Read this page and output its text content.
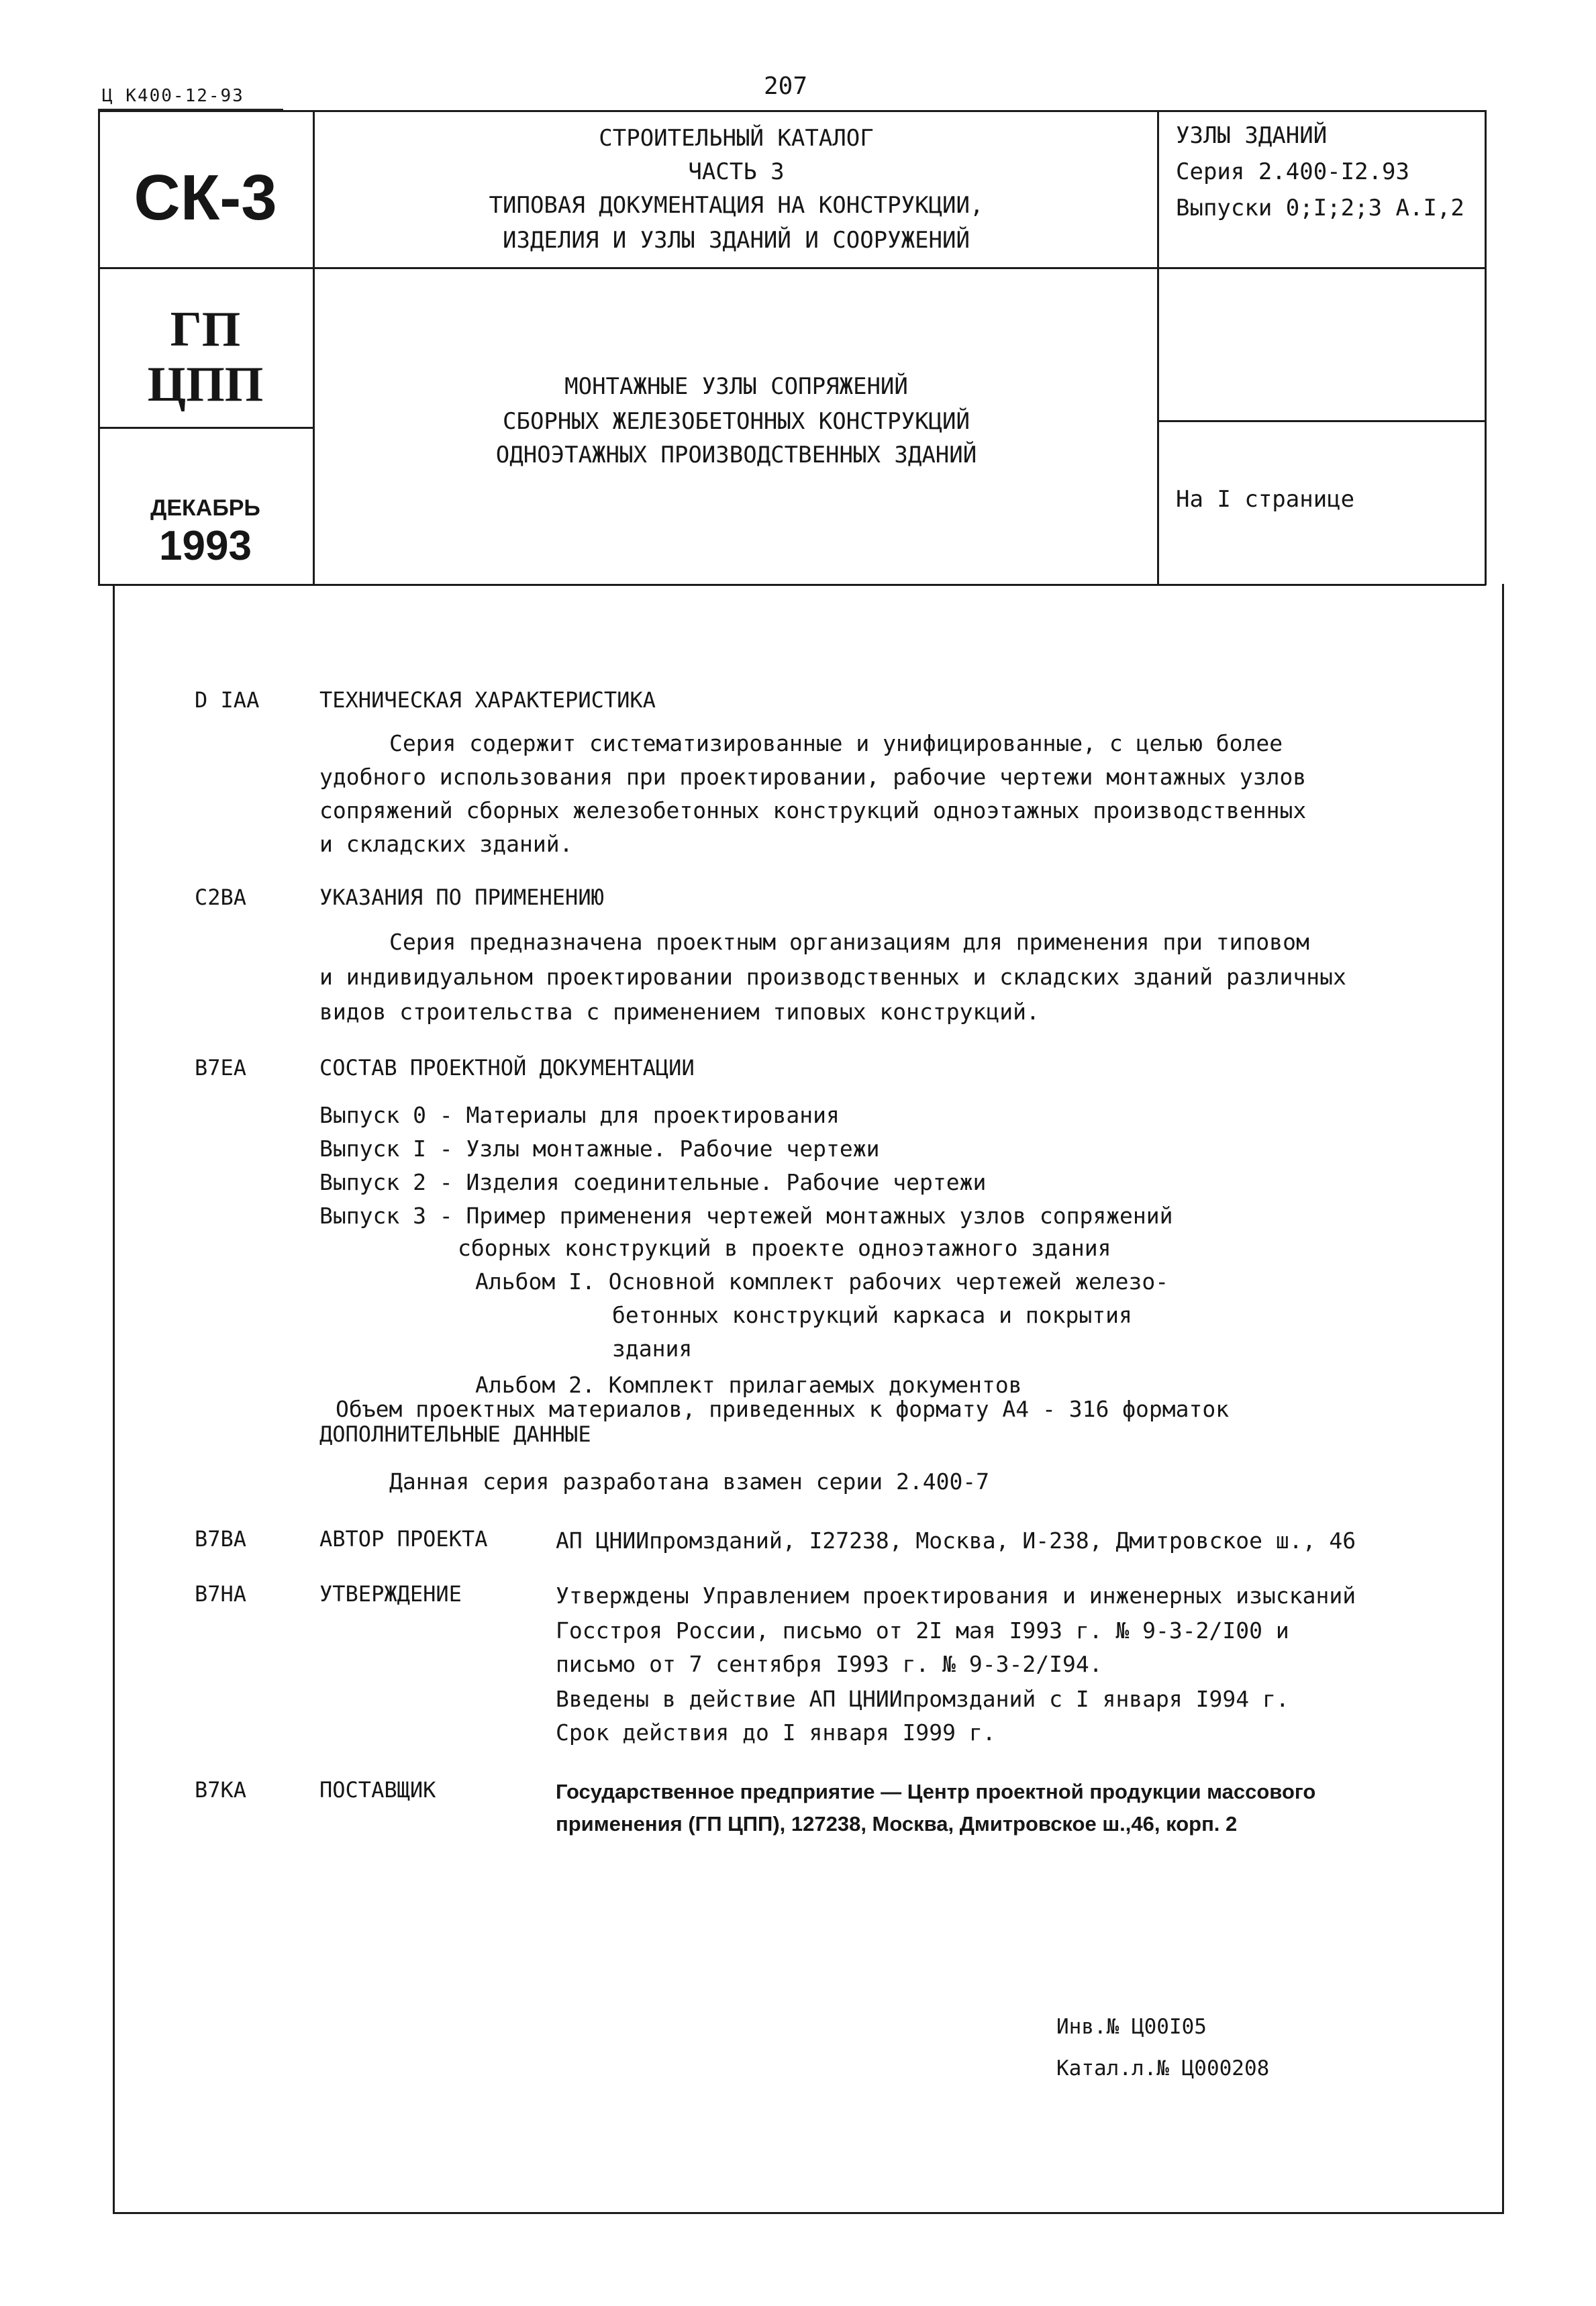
Ц К400-12-93	207
СК-3
ГП
ЦПП
ДЕКАБРЬ
1993
СТРОИТЕЛЬНЫЙ КАТАЛОГ
ЧАСТЬ 3
ТИПОВАЯ ДОКУМЕНТАЦИЯ НА КОНСТРУКЦИИ,
ИЗДЕЛИЯ И УЗЛЫ ЗДАНИЙ И СООРУЖЕНИЙ
УЗЛЫ ЗДАНИЙ
Серия 2.400-I2.93
Выпуски 0;I;2;3 А.I,2
МОНТАЖНЫЕ УЗЛЫ СОПРЯЖЕНИЙ
СБОРНЫХ ЖЕЛЕЗОБЕТОННЫХ КОНСТРУКЦИЙ
ОДНОЭТАЖНЫХ ПРОИЗВОДСТВЕННЫХ ЗДАНИЙ
На I странице
D IAA	ТЕХНИЧЕСКАЯ ХАРАКТЕРИСТИКА
Серия содержит систематизированные и унифицированные, с целью более
удобного использования при проектировании, рабочие чертежи монтажных узлов
сопряжений сборных железобетонных конструкций одноэтажных производственных
и складских зданий.
C2BA	УКАЗАНИЯ ПО ПРИМЕНЕНИЮ
Серия предназначена проектным организациям для применения при типовом
и индивидуальном проектировании производственных и складских зданий различных
видов строительства с применением типовых конструкций.
B7EA	СОСТАВ ПРОЕКТНОЙ ДОКУМЕНТАЦИИ
Выпуск 0 - Материалы для проектирования
Выпуск I - Узлы монтажные. Рабочие чертежи
Выпуск 2 - Изделия соединительные. Рабочие чертежи
Выпуск 3 - Пример применения чертежей монтажных узлов сопряжений
сборных конструкций в проекте одноэтажного здания
Альбом I. Основной комплект рабочих чертежей железо-
бетонных конструкций каркаса и покрытия
здания
Альбом 2. Комплект прилагаемых документов
Объем проектных материалов, приведенных к формату А4 - 316 форматок
ДОПОЛНИТЕЛЬНЫЕ ДАННЫЕ
Данная серия разработана взамен серии 2.400-7
B7BA	АВТОР ПРОЕКТА	АП ЦНИИпромзданий, I27238, Москва, И-238, Дмитровское ш., 46
B7HA	УТВЕРЖДЕНИЕ	Утверждены Управлением проектирования и инженерных изысканий
Госстроя России, письмо от 2I мая I993 г. № 9-3-2/I00 и
письмо от 7 сентября I993 г. № 9-3-2/I94.
Введены в действие АП ЦНИИпромзданий с I января I994 г.
Срок действия до I января I999 г.
B7KA	ПОСТАВЩИК	Государственное предприятие — Центр проектной продукции массового
применения (ГП ЦПП), 127238, Москва, Дмитровское ш.,46, корп. 2
Инв.№ Ц00I05
Катал.л.№ Ц000208
